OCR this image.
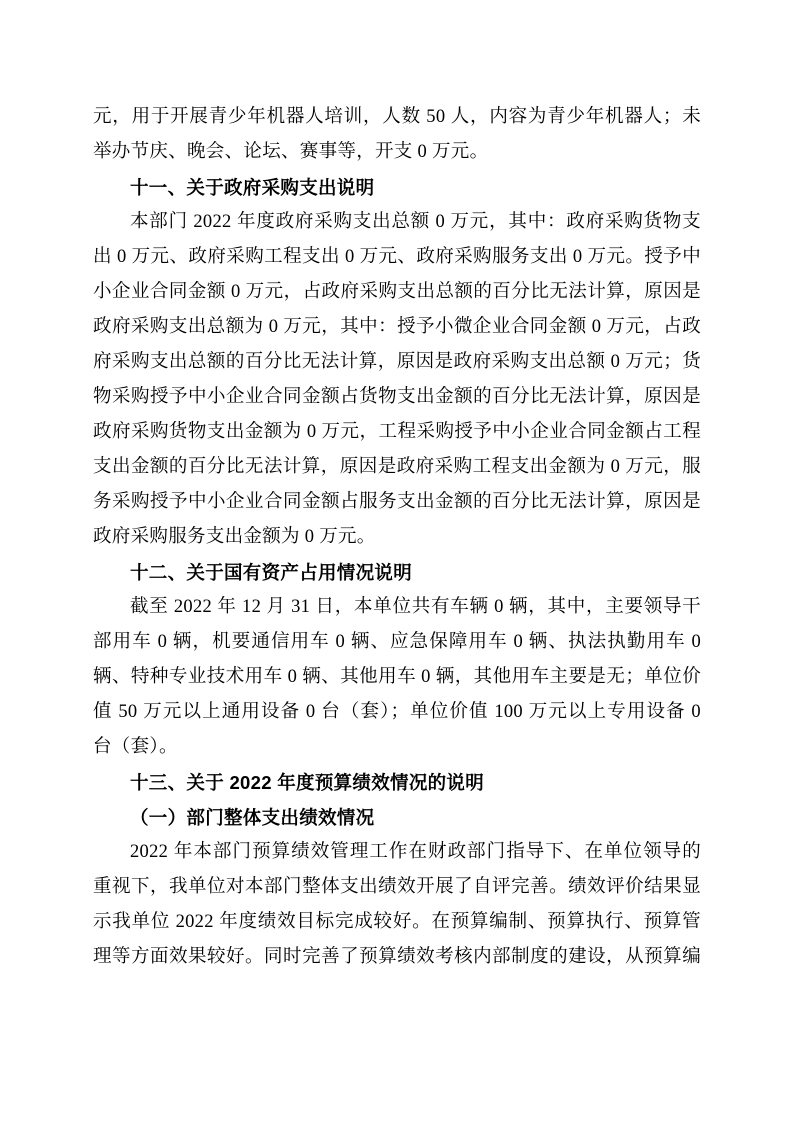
元，用于开展青少年机器人培训，人数 50 人，内容为青少年机器人；未
举办节庆、晚会、论坛、赛事等，开支 0 万元。
十一、关于政府采购支出说明
本部门 2022 年度政府采购支出总额 0 万元，其中：政府采购货物支
出 0 万元、政府采购工程支出 0 万元、政府采购服务支出 0 万元。授予中
小企业合同金额 0 万元，占政府采购支出总额的百分比无法计算，原因是
政府采购支出总额为 0 万元，其中：授予小微企业合同金额 0 万元，占政
府采购支出总额的百分比无法计算，原因是政府采购支出总额 0 万元；货
物采购授予中小企业合同金额占货物支出金额的百分比无法计算，原因是
政府采购货物支出金额为 0 万元，工程采购授予中小企业合同金额占工程
支出金额的百分比无法计算，原因是政府采购工程支出金额为 0 万元，服
务采购授予中小企业合同金额占服务支出金额的百分比无法计算，原因是
政府采购服务支出金额为 0 万元。
十二、关于国有资产占用情况说明
截至 2022 年 12 月 31 日，本单位共有车辆 0 辆，其中，主要领导干
部用车 0 辆，机要通信用车 0 辆、应急保障用车 0 辆、执法执勤用车 0
辆、特种专业技术用车 0 辆、其他用车 0 辆，其他用车主要是无；单位价
值 50 万元以上通用设备 0 台（套）；单位价值 100 万元以上专用设备 0
台（套）。
十三、关于 2022 年度预算绩效情况的说明
（一）部门整体支出绩效情况
2022 年本部门预算绩效管理工作在财政部门指导下、在单位领导的
重视下，我单位对本部门整体支出绩效开展了自评完善。绩效评价结果显
示我单位 2022 年度绩效目标完成较好。在预算编制、预算执行、预算管
理等方面效果较好。同时完善了预算绩效考核内部制度的建设，从预算编
